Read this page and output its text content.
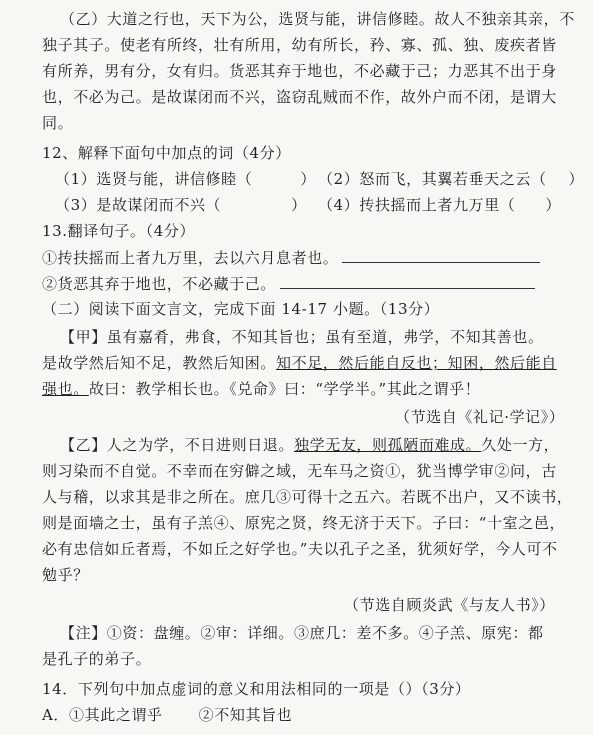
（乙）大道之行也，天下为公，选贤与能，讲信修睦。故人不独亲其亲，不
独子其子。使老有所终，壮有所用，幼有所长，矜、寡、孤、独、废疾者皆
有所养，男有分，女有归。货恶其弃于地也，不必藏于己；力恶其不出于身
也，不必为己。是故谋闭而不兴，盗窃乱贼而不作，故外户而不闭，是谓大
同。
12、解释下面句中加点的词（4分）
（1）选贤与能，讲信修睦（	） （2）怒而飞，其翼若垂天之云（ ）
（3）是故谋闭而不兴（	） （4）抟扶摇而上者九万里（ ）
13.翻译句子。（4分）
①抟扶摇而上者九万里，去以六月息者也。
②货恶其弃于地也，不必藏于己。
（二）阅读下面文言文，完成下面 14-17 小题。（13分）
【甲】虽有嘉肴，弗食，不知其旨也；虽有至道，弗学，不知其善也。
是故学然后知不足，教然后知困。知不足，然后能自反也；知困，然后能自
强也。故曰：教学相长也。《兑命》曰：“学学半。”其此之谓乎！
（节选自《礼记·学记》）
【乙】人之为学，不日进则日退。独学无友，则孤陋而难成。久处一方，
则习染而不自觉。不幸而在穷僻之域，无车马之资①，犹当博学审②问，古
人与稽，以求其是非之所在。庶几③可得十之五六。若既不出户，又不读书，
则是面墙之士，虽有子羔④、原宪之贤，终无济于天下。子曰：“十室之邑，
必有忠信如丘者焉，不如丘之好学也。”夫以孔子之圣，犹须好学，今人可不
勉乎？
（节选自顾炎武《与友人书》）
【注】①资：盘缠。②审：详细。③庶几：差不多。④子羔、原宪：都
是孔子的弟子。
14．下列句中加点虚词的意义和用法相同的一项是（）（3分）
A．①其此之谓乎 ②不知其旨也
